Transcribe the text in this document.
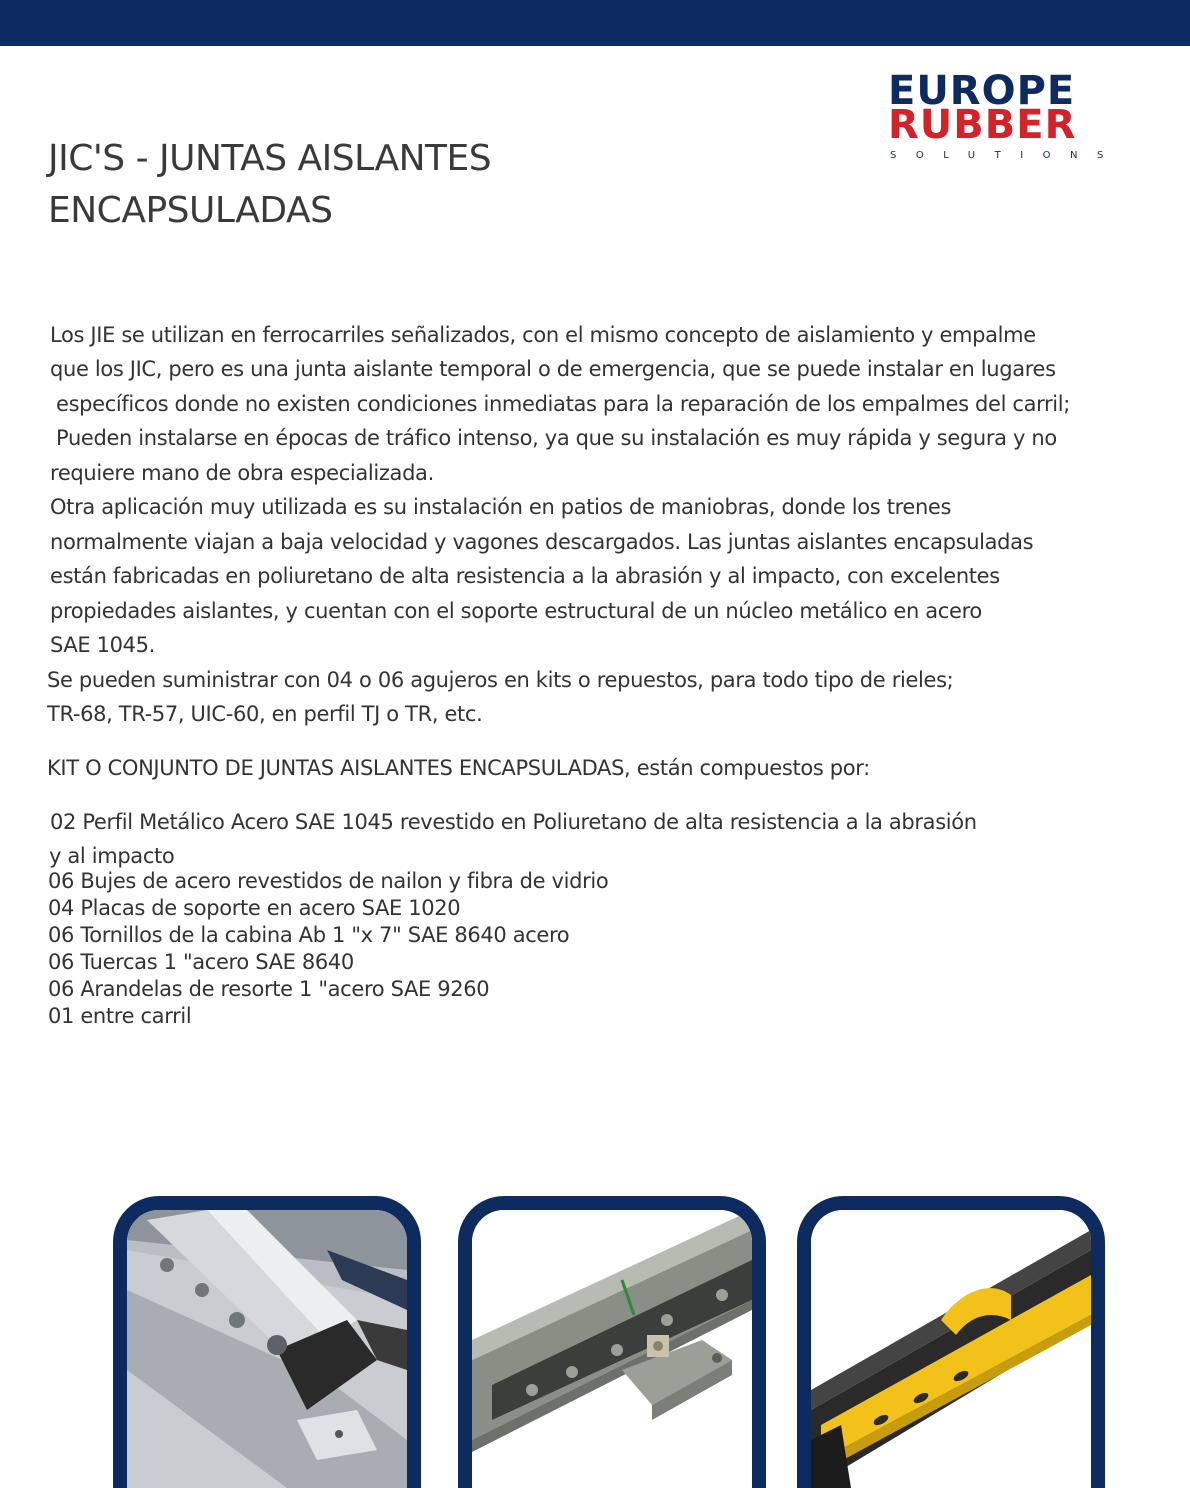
EUROPE
RUBBER
SOLUTIONS
JIC'S - JUNTAS AISLANTES
ENCAPSULADAS
Los JIE se utilizan en ferrocarriles señalizados, con el mismo concepto de aislamiento y empalme
que los JIC, pero es una junta aislante temporal o de emergencia, que se puede instalar en lugares
específicos donde no existen condiciones inmediatas para la reparación de los empalmes del carril;
Pueden instalarse en épocas de tráfico intenso, ya que su instalación es muy rápida y segura y no
requiere mano de obra especializada.
Otra aplicación muy utilizada es su instalación en patios de maniobras, donde los trenes
normalmente viajan a baja velocidad y vagones descargados. Las juntas aislantes encapsuladas
están fabricadas en poliuretano de alta resistencia a la abrasión y al impacto, con excelentes
propiedades aislantes, y cuentan con el soporte estructural de un núcleo metálico en acero
SAE 1045.
Se pueden suministrar con 04 o 06 agujeros en kits o repuestos, para todo tipo de rieles;
TR-68, TR-57, UIC-60, en perfil TJ o TR, etc.
KIT O CONJUNTO DE JUNTAS AISLANTES ENCAPSULADAS, están compuestos por:
02 Perfil Metálico Acero SAE 1045 revestido en Poliuretano de alta resistencia a la abrasión
y al impacto
06 Bujes de acero revestidos de nailon y fibra de vidrio
04 Placas de soporte en acero SAE 1020
06 Tornillos de la cabina Ab 1 "x 7" SAE 8640 acero
06 Tuercas 1 "acero SAE 8640
06 Arandelas de resorte 1 "acero SAE 9260
01 entre carril
